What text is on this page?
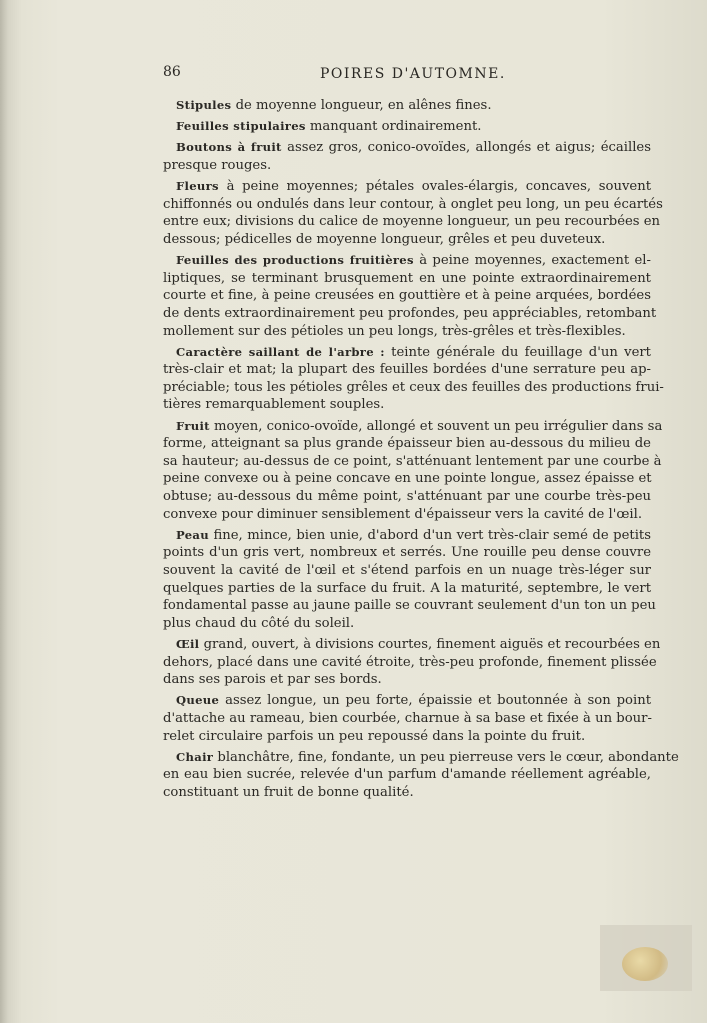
86	POIRES D'AUTOMNE.
Stipules de moyenne longueur, en alênes fines.
Feuilles stipulaires manquant ordinairement.
Boutons à fruit assez gros, conico-ovoïdes, allongés et aigus; écailles
presque rouges.
Fleurs à peine moyennes; pétales ovales-élargis, concaves, souvent
chiffonnés ou ondulés dans leur contour, à onglet peu long, un peu écartés
entre eux; divisions du calice de moyenne longueur, un peu recourbées en
dessous; pédicelles de moyenne longueur, grêles et peu duveteux.
Feuilles des productions fruitières à peine moyennes, exactement el-
liptiques, se terminant brusquement en une pointe extraordinairement
courte et fine, à peine creusées en gouttière et à peine arquées, bordées
de dents extraordinairement peu profondes, peu appréciables, retombant
mollement sur des pétioles un peu longs, très-grêles et très-flexibles.
Caractère saillant de l'arbre : teinte générale du feuillage d'un vert
très-clair et mat; la plupart des feuilles bordées d'une serrature peu ap-
préciable; tous les pétioles grêles et ceux des feuilles des productions frui-
tières remarquablement souples.
Fruit moyen, conico-ovoïde, allongé et souvent un peu irrégulier dans sa
forme, atteignant sa plus grande épaisseur bien au-dessous du milieu de
sa hauteur; au-dessus de ce point, s'atténuant lentement par une courbe à
peine convexe ou à peine concave en une pointe longue, assez épaisse et
obtuse; au-dessous du même point, s'atténuant par une courbe très-peu
convexe pour diminuer sensiblement d'épaisseur vers la cavité de l'œil.
Peau fine, mince, bien unie, d'abord d'un vert très-clair semé de petits
points d'un gris vert, nombreux et serrés. Une rouille peu dense couvre
souvent la cavité de l'œil et s'étend parfois en un nuage très-léger sur
quelques parties de la surface du fruit. A la maturité, septembre, le vert
fondamental passe au jaune paille se couvrant seulement d'un ton un peu
plus chaud du côté du soleil.
Œil grand, ouvert, à divisions courtes, finement aiguës et recourbées en
dehors, placé dans une cavité étroite, très-peu profonde, finement plissée
dans ses parois et par ses bords.
Queue assez longue, un peu forte, épaissie et boutonnée à son point
d'attache au rameau, bien courbée, charnue à sa base et fixée à un bour-
relet circulaire parfois un peu repoussé dans la pointe du fruit.
Chair blanchâtre, fine, fondante, un peu pierreuse vers le cœur, abondante
en eau bien sucrée, relevée d'un parfum d'amande réellement agréable,
constituant un fruit de bonne qualité.
